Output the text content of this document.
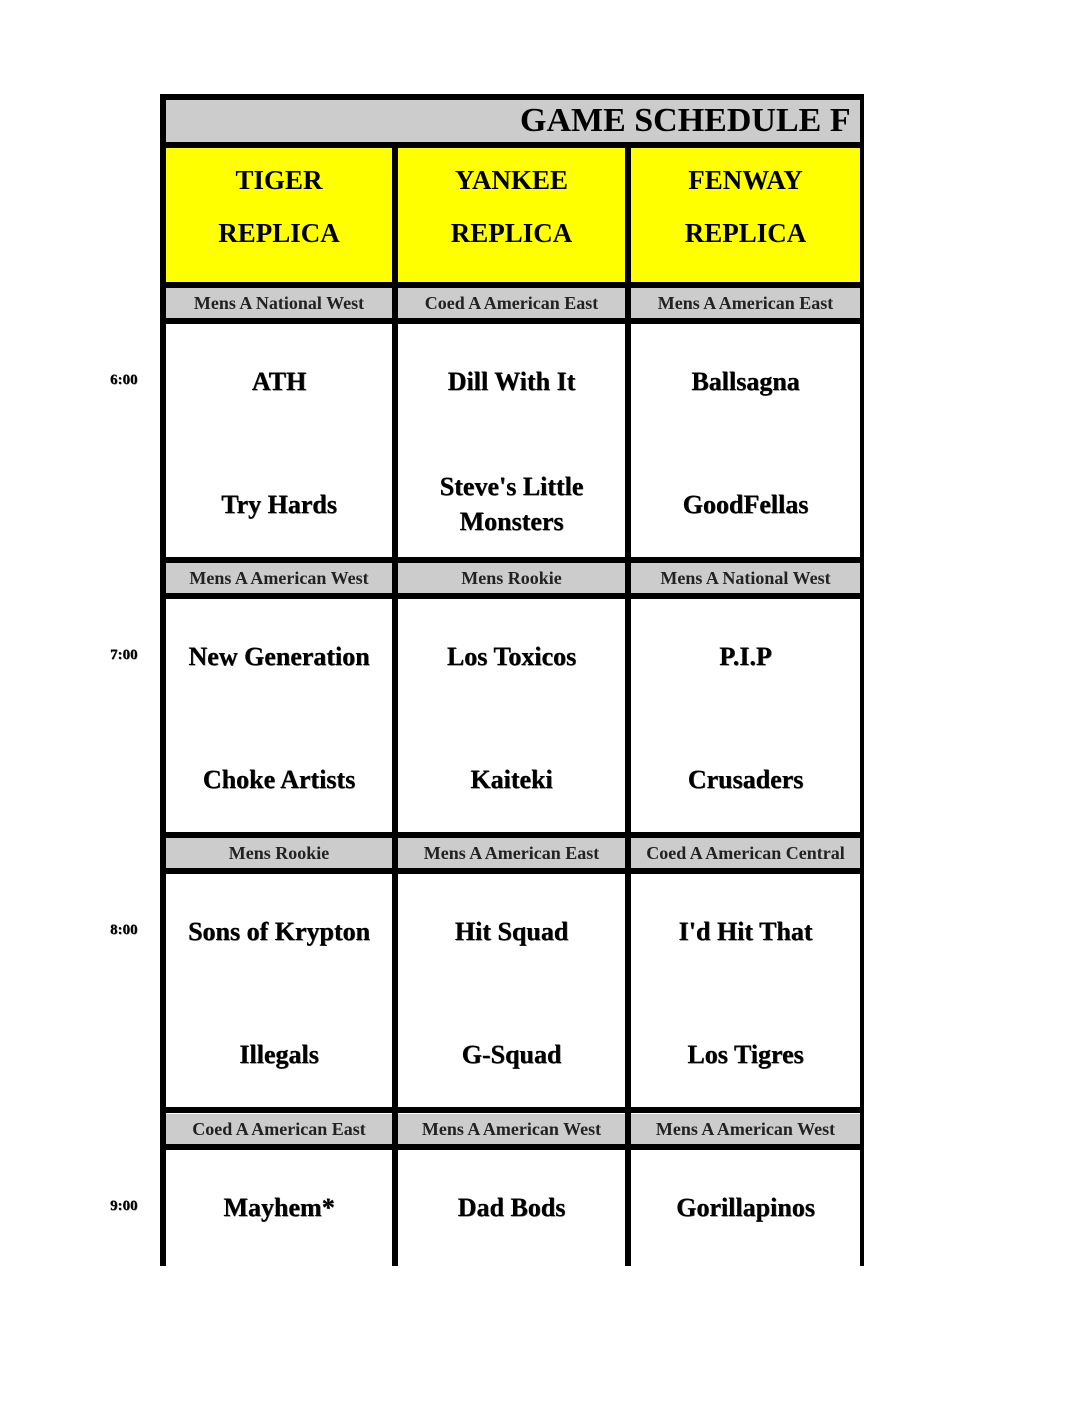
GAME SCHEDULE F
TIGER
REPLICA
YANKEE
REPLICA
FENWAY
REPLICA
6:00
Mens A National West
ATH
Try Hards
Coed A American East
Dill With It
Steve's Little Monsters
Mens A American East
Ballsagna
GoodFellas
7:00
Mens A American West
New Generation
Choke Artists
Mens Rookie
Los Toxicos
Kaiteki
Mens A National West
P.I.P
Crusaders
8:00
Mens Rookie
Sons of Krypton
Illegals
Mens A American East
Hit Squad
G-Squad
Coed A American Central
I'd Hit That
Los Tigres
9:00
Coed A American East
Mayhem*
Mens A American West
Dad Bods
Mens A American West
Gorillapinos
